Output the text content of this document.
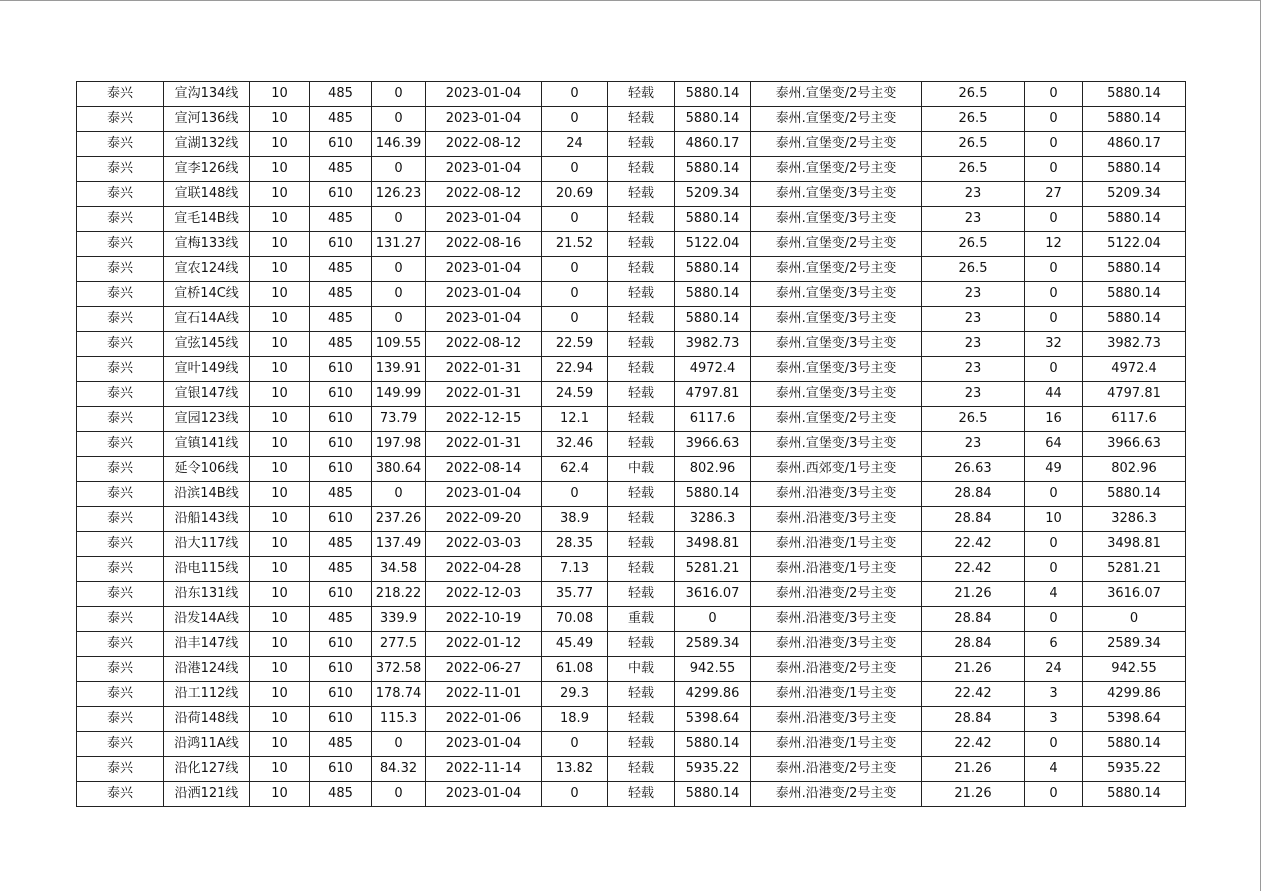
泰兴	宣沟134线	10	485	0	2023-01-04	0	轻载	5880.14	泰州.宣堡变/2号主变	26.5	0	5880.14
泰兴	宣河136线	10	485	0	2023-01-04	0	轻载	5880.14	泰州.宣堡变/2号主变	26.5	0	5880.14
泰兴	宣湖132线	10	610	146.39	2022-08-12	24	轻载	4860.17	泰州.宣堡变/2号主变	26.5	0	4860.17
泰兴	宣李126线	10	485	0	2023-01-04	0	轻载	5880.14	泰州.宣堡变/2号主变	26.5	0	5880.14
泰兴	宣联148线	10	610	126.23	2022-08-12	20.69	轻载	5209.34	泰州.宣堡变/3号主变	23	27	5209.34
泰兴	宣毛14B线	10	485	0	2023-01-04	0	轻载	5880.14	泰州.宣堡变/3号主变	23	0	5880.14
泰兴	宣梅133线	10	610	131.27	2022-08-16	21.52	轻载	5122.04	泰州.宣堡变/2号主变	26.5	12	5122.04
泰兴	宣农124线	10	485	0	2023-01-04	0	轻载	5880.14	泰州.宣堡变/2号主变	26.5	0	5880.14
泰兴	宣桥14C线	10	485	0	2023-01-04	0	轻载	5880.14	泰州.宣堡变/3号主变	23	0	5880.14
泰兴	宣石14A线	10	485	0	2023-01-04	0	轻载	5880.14	泰州.宣堡变/3号主变	23	0	5880.14
泰兴	宣弦145线	10	485	109.55	2022-08-12	22.59	轻载	3982.73	泰州.宣堡变/3号主变	23	32	3982.73
泰兴	宣叶149线	10	610	139.91	2022-01-31	22.94	轻载	4972.4	泰州.宣堡变/3号主变	23	0	4972.4
泰兴	宣银147线	10	610	149.99	2022-01-31	24.59	轻载	4797.81	泰州.宣堡变/3号主变	23	44	4797.81
泰兴	宣园123线	10	610	73.79	2022-12-15	12.1	轻载	6117.6	泰州.宣堡变/2号主变	26.5	16	6117.6
泰兴	宣镇141线	10	610	197.98	2022-01-31	32.46	轻载	3966.63	泰州.宣堡变/3号主变	23	64	3966.63
泰兴	延令106线	10	610	380.64	2022-08-14	62.4	中载	802.96	泰州.西郊变/1号主变	26.63	49	802.96
泰兴	沿滨14B线	10	485	0	2023-01-04	0	轻载	5880.14	泰州.沿港变/3号主变	28.84	0	5880.14
泰兴	沿船143线	10	610	237.26	2022-09-20	38.9	轻载	3286.3	泰州.沿港变/3号主变	28.84	10	3286.3
泰兴	沿大117线	10	485	137.49	2022-03-03	28.35	轻载	3498.81	泰州.沿港变/1号主变	22.42	0	3498.81
泰兴	沿电115线	10	485	34.58	2022-04-28	7.13	轻载	5281.21	泰州.沿港变/1号主变	22.42	0	5281.21
泰兴	沿东131线	10	610	218.22	2022-12-03	35.77	轻载	3616.07	泰州.沿港变/2号主变	21.26	4	3616.07
泰兴	沿发14A线	10	485	339.9	2022-10-19	70.08	重载	0	泰州.沿港变/3号主变	28.84	0	0
泰兴	沿丰147线	10	610	277.5	2022-01-12	45.49	轻载	2589.34	泰州.沿港变/3号主变	28.84	6	2589.34
泰兴	沿港124线	10	610	372.58	2022-06-27	61.08	中载	942.55	泰州.沿港变/2号主变	21.26	24	942.55
泰兴	沿工112线	10	610	178.74	2022-11-01	29.3	轻载	4299.86	泰州.沿港变/1号主变	22.42	3	4299.86
泰兴	沿荷148线	10	610	115.3	2022-01-06	18.9	轻载	5398.64	泰州.沿港变/3号主变	28.84	3	5398.64
泰兴	沿鸿11A线	10	485	0	2023-01-04	0	轻载	5880.14	泰州.沿港变/1号主变	22.42	0	5880.14
泰兴	沿化127线	10	610	84.32	2022-11-14	13.82	轻载	5935.22	泰州.沿港变/2号主变	21.26	4	5935.22
泰兴	沿洒121线	10	485	0	2023-01-04	0	轻载	5880.14	泰州.沿港变/2号主变	21.26	0	5880.14
